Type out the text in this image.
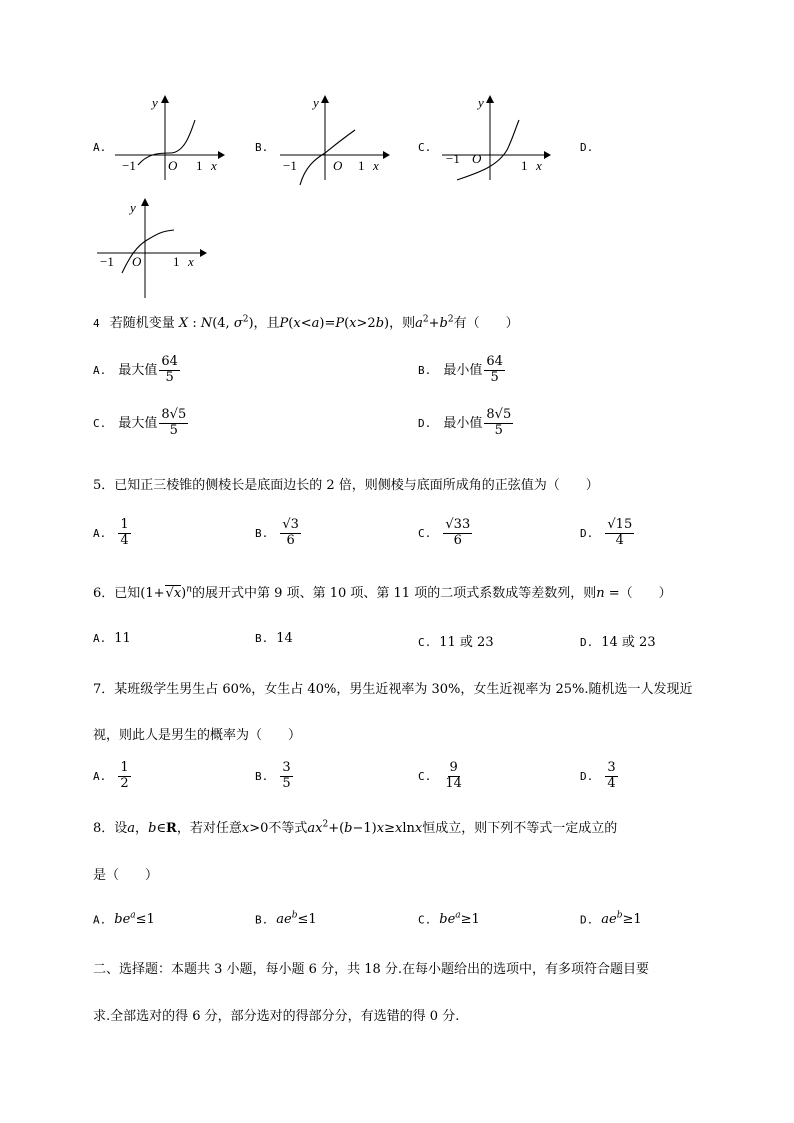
A.
y
−1 O 1 x
B.
y
−1	O 1 x
C.
y
−1 O	1 x
D.
y
−1 O 1 x
4 若随机变量 X : N(4, $\sigma^2$)，且P(x<a)=P(x>2b)，则$a^2+b^2$有（　　）
A. 最大值 $\frac{64}{5}$	B. 最小值 $\frac{64}{5}$
C. 最大值 $\frac{8√5}{5}$	D. 最小值 $\frac{8√5}{5}$
5．已知正三棱锥的侧棱长是底面边长的 2 倍，则侧棱与底面所成角的正弦值为（　　）
A. $\frac{1}{4}$	B. $\frac{√3}{6}$	C. $\frac{√33}{6}$	D. $\frac{√15}{4}$
6．已知$(1+√x)^n$的展开式中第 9 项、第 10 项、第 11 项的二项式系数成等差数列，则n =（　　）
A. 11	B. 14	C. 11 或 23	D. 14 或 23
7．某班级学生男生占 60%，女生占 40%，男生近视率为 30%，女生近视率为 25%.随机选一人发现近
视，则此人是男生的概率为（　　）
A. $\frac{1}{2}$	B. $\frac{3}{5}$	C. $\frac{9}{14}$	D. $\frac{3}{4}$
8．设a，b∈R，若对任意x>0不等式$ax^2+(b-1)x\ge xlnx$恒成立，则下列不等式一定成立的
是（　　）
A. $be^a\le 1$	B. $ae^b\le 1$	C. $be^a\ge 1$	D. $ae^b\ge 1$
二、选择题：本题共 3 小题，每小题 6 分，共 18 分.在每小题给出的选项中，有多项符合题目要
求.全部选对的得 6 分，部分选对的得部分分，有选错的得 0 分.
